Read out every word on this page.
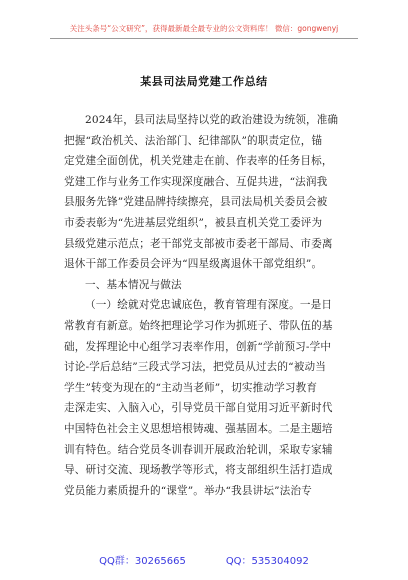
关注头条号“公文研究”，获得最新最全最专业的公文资料库！ 微信：gongwenyj
某县司法局党建工作总结
2024年，县司法局坚持以党的政治建设为统领，准确
把握“政治机关、法治部门、纪律部队”的职责定位，锚
定党建全面创优，机关党建走在前、作表率的任务目标，
党建工作与业务工作实现深度融合、互促共进，“法润我
县服务先锋”党建品牌持续擦亮，县司法局机关委员会被
市委表彰为“先进基层党组织”，被县直机关党工委评为
县级党建示范点；老干部党支部被市委老干部局、市委离
退休干部工作委员会评为“四星级离退休干部党组织”。
一、基本情况与做法
（一）绘就对党忠诚底色，教育管理有深度。一是日
常教育有新意。始终把理论学习作为抓班子、带队伍的基
础，发挥理论中心组学习表率作用，创新“学前预习-学中
讨论-学后总结”三段式学习法，把党员从过去的“被动当
学生”转变为现在的“主动当老师”，切实推动学习教育
走深走实、入脑入心，引导党员干部自觉用习近平新时代
中国特色社会主义思想培根铸魂、强基固本。二是主题培
训有特色。结合党员冬训春训开展政治轮训，采取专家辅
导、研讨交流、现场教学等形式，将支部组织生活打造成
党员能力素质提升的“课堂”。举办“我县讲坛”法治专
QQ群：30265665	QQ：535304092
